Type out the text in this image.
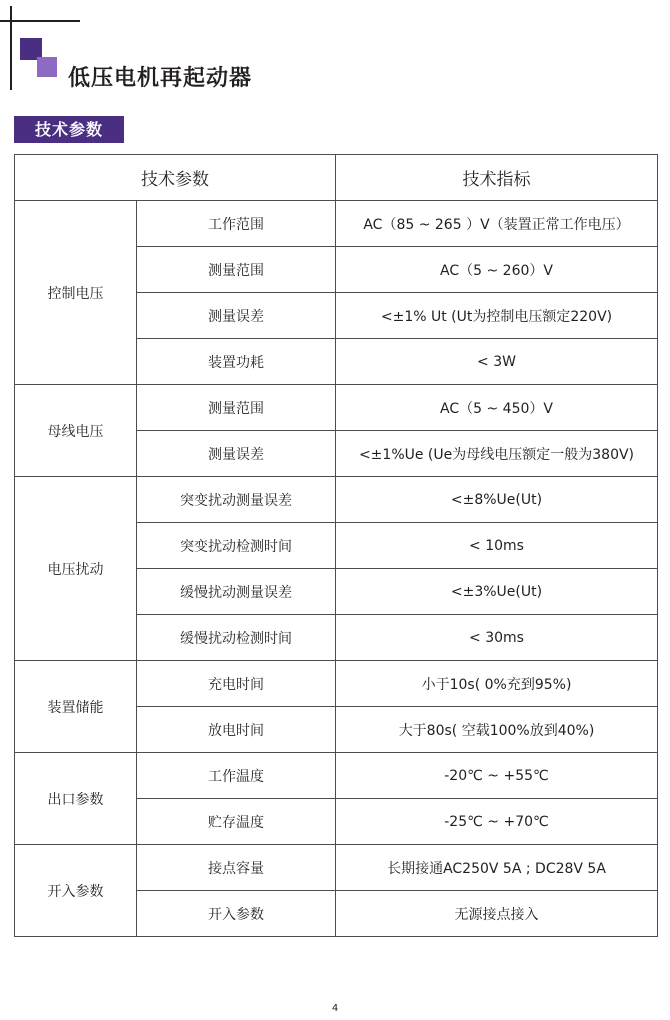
低压电机再起动器
技术参数
技术参数		技术指标
控制电压	工作范围	AC（85 ~ 265 ）V（装置正常工作电压）
	测量范围	AC（5 ~ 260）V
	测量误差	<±1% Ut (Ut为控制电压额定220V)
	装置功耗	< 3W
母线电压	测量范围	AC（5 ~ 450）V
	测量误差	<±1%Ue (Ue为母线电压额定一般为380V)
电压扰动	突变扰动测量误差	<±8%Ue(Ut)
	突变扰动检测时间	< 10ms
	缓慢扰动测量误差	<±3%Ue(Ut)
	缓慢扰动检测时间	< 30ms
装置储能	充电时间	小于10s( 0%充到95%)
	放电时间	大于80s( 空载100%放到40%)
出口参数	工作温度	-20℃ ~ +55℃
	贮存温度	-25℃ ~ +70℃
开入参数	接点容量	长期接通AC250V 5A ; DC28V 5A
	开入参数	无源接点接入
4
